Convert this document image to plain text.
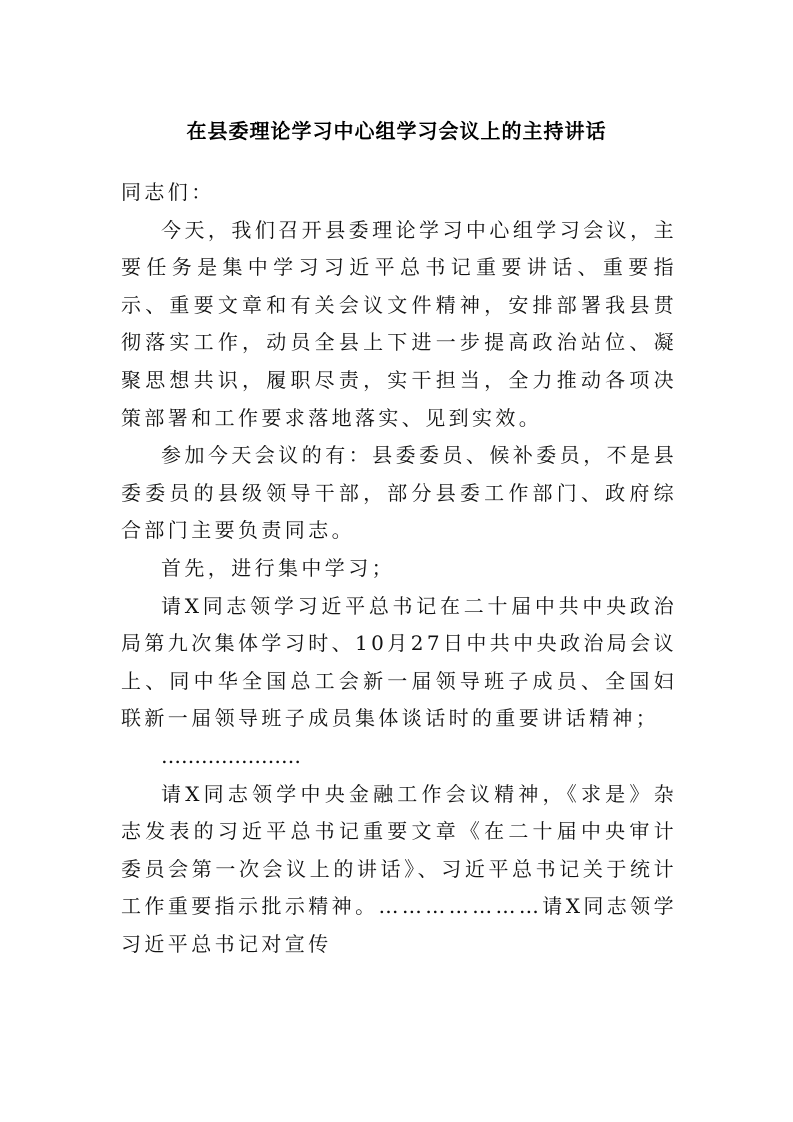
在县委理论学习中心组学习会议上的主持讲话

同志们：

今天，我们召开县委理论学习中心组学习会议，主要任务是集中学习习近平总书记重要讲话、重要指示、重要文章和有关会议文件精神，安排部署我县贯彻落实工作，动员全县上下进一步提高政治站位、凝聚思想共识，履职尽责，实干担当，全力推动各项决策部署和工作要求落地落实、见到实效。

参加今天会议的有：县委委员、候补委员，不是县委委员的县级领导干部，部分县委工作部门、政府综合部门主要负责同志。

首先，进行集中学习；

请X同志领学习近平总书记在二十届中共中央政治局第九次集体学习时、10月27日中共中央政治局会议上、同中华全国总工会新一届领导班子成员、全国妇联新一届领导班子成员集体谈话时的重要讲话精神；

…………………

请X同志领学中央金融工作会议精神，《求是》杂志发表的习近平总书记重要文章《在二十届中央审计委员会第一次会议上的讲话》、习近平总书记关于统计工作重要指示批示精神。…………………请X同志领学习近平总书记对宣传
